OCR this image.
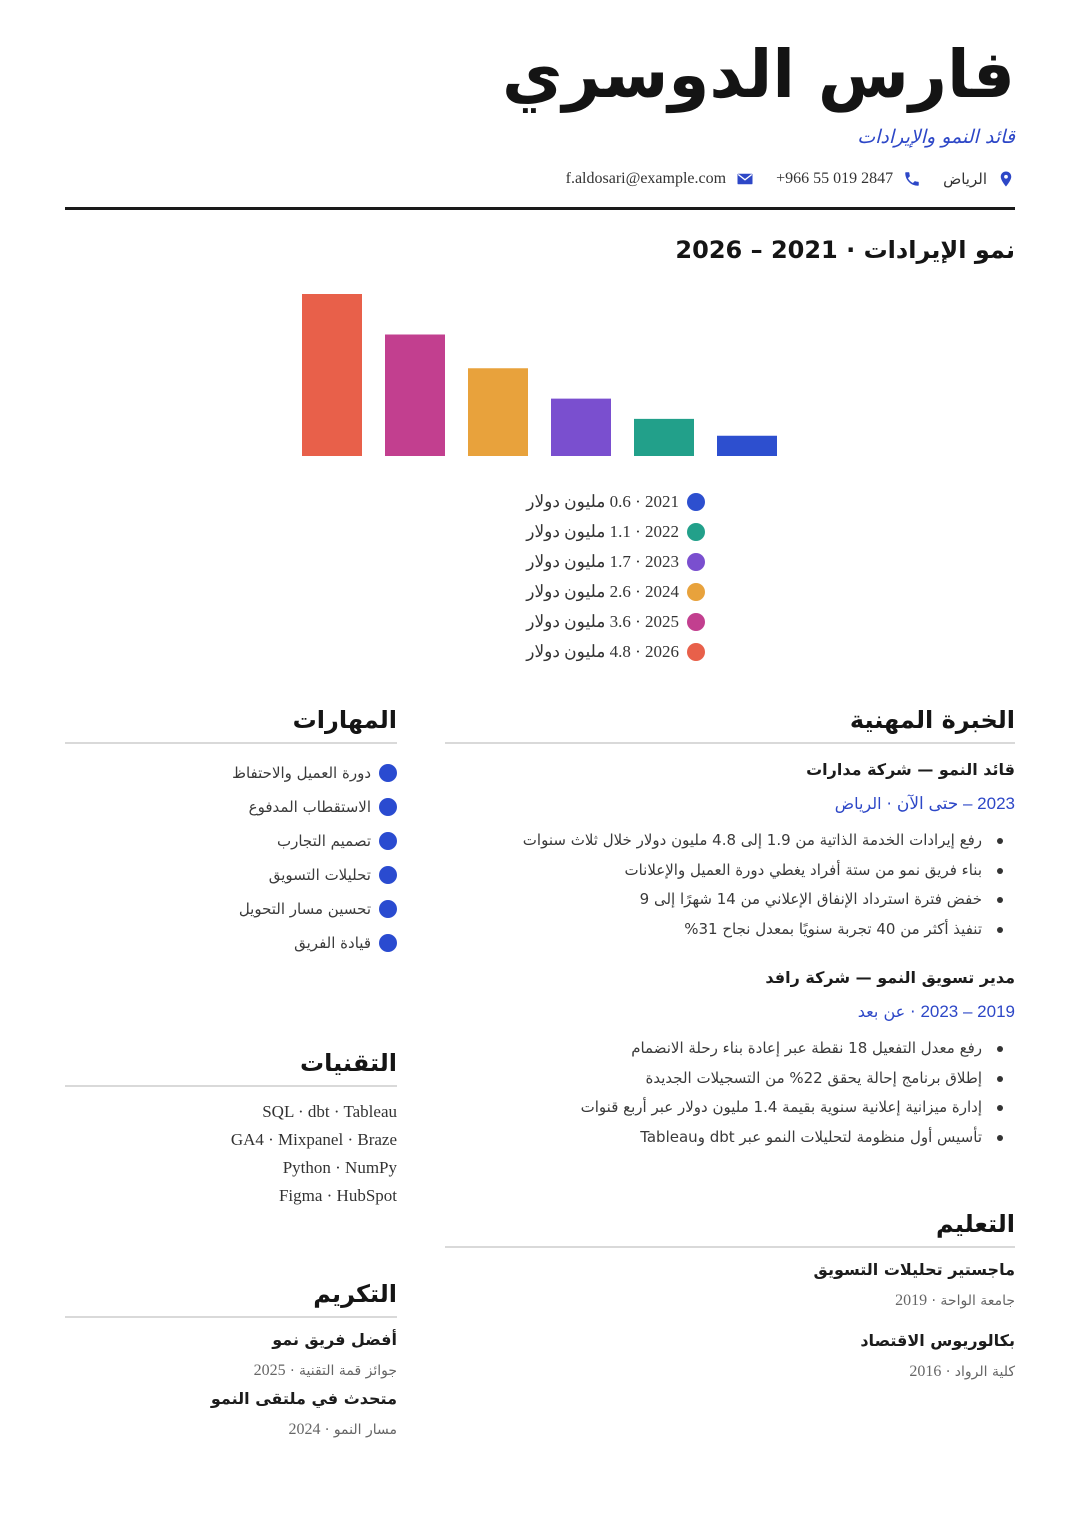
فارس الدوسري
قائد النمو والإيرادات
الرياض
+966 55 019 2847
f.aldosari@example.com
نمو الإيرادات · 2021 – 2026
2021 · 0.6 مليون دولار
2022 · 1.1 مليون دولار
2023 · 1.7 مليون دولار
2024 · 2.6 مليون دولار
2025 · 3.6 مليون دولار
2026 · 4.8 مليون دولار
الخبرة المهنية
قائد النمو — شركة مدارات
2023 – حتى الآن · الرياض
رفع إيرادات الخدمة الذاتية من 1.9 إلى 4.8 مليون دولار خلال ثلاث سنوات
بناء فريق نمو من ستة أفراد يغطي دورة العميل والإعلانات
خفض فترة استرداد الإنفاق الإعلاني من 14 شهرًا إلى 9
تنفيذ أكثر من 40 تجربة سنويًا بمعدل نجاح 31%
مدير تسويق النمو — شركة رافد
2019 – 2023 · عن بعد
رفع معدل التفعيل 18 نقطة عبر إعادة بناء رحلة الانضمام
إطلاق برنامج إحالة يحقق 22% من التسجيلات الجديدة
إدارة ميزانية إعلانية سنوية بقيمة 1.4 مليون دولار عبر أربع قنوات
تأسيس أول منظومة لتحليلات النمو عبر dbt وTableau
التعليم
ماجستير تحليلات التسويق
جامعة الواحة · 2019
بكالوريوس الاقتصاد
كلية الرواد · 2016
المهارات
دورة العميل والاحتفاظ
الاستقطاب المدفوع
تصميم التجارب
تحليلات التسويق
تحسين مسار التحويل
قيادة الفريق
التقنيات
SQL · dbt · Tableau
GA4 · Mixpanel · Braze
Python · NumPy
Figma · HubSpot
التكريم
أفضل فريق نمو
جوائز قمة التقنية · 2025
متحدث في ملتقى النمو
مسار النمو · 2024
